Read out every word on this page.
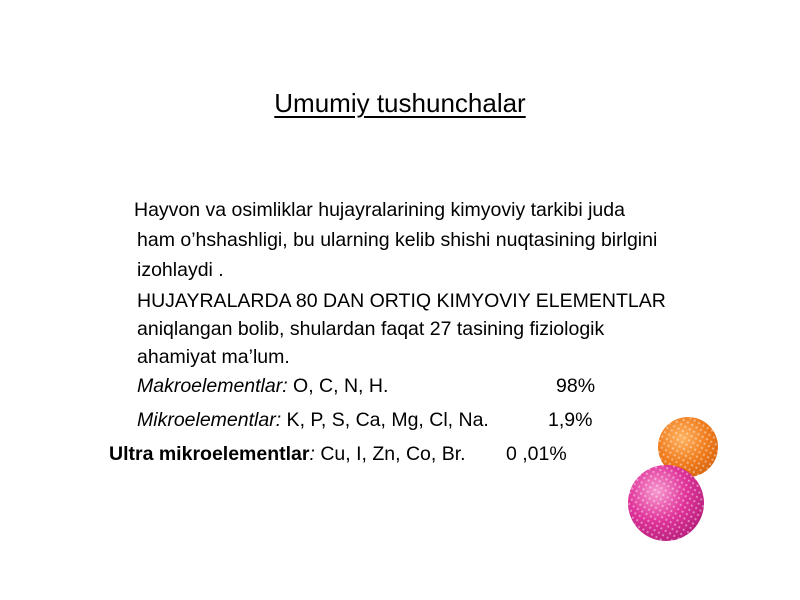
Umumiy tushunchalar
Hayvon va osimliklar hujayralarining kimyoviy tarkibi juda
ham o’hshashligi, bu ularning kelib shishi nuqtasining birlgini
izohlaydi .
HUJAYRALARDA 80 DAN ORTIQ KIMYOVIY ELEMENTLAR
aniqlangan bolib, shulardan faqat 27 tasining fiziologik
ahamiyat ma’lum.
Makroelementlar: O, C, N, H.	98%
Mikroelementlar: K, P, S, Ca, Mg, Cl, Na.	1,9%
Ultra mikroelementlar: Cu, I, Zn, Co, Br. 0 ,01%
